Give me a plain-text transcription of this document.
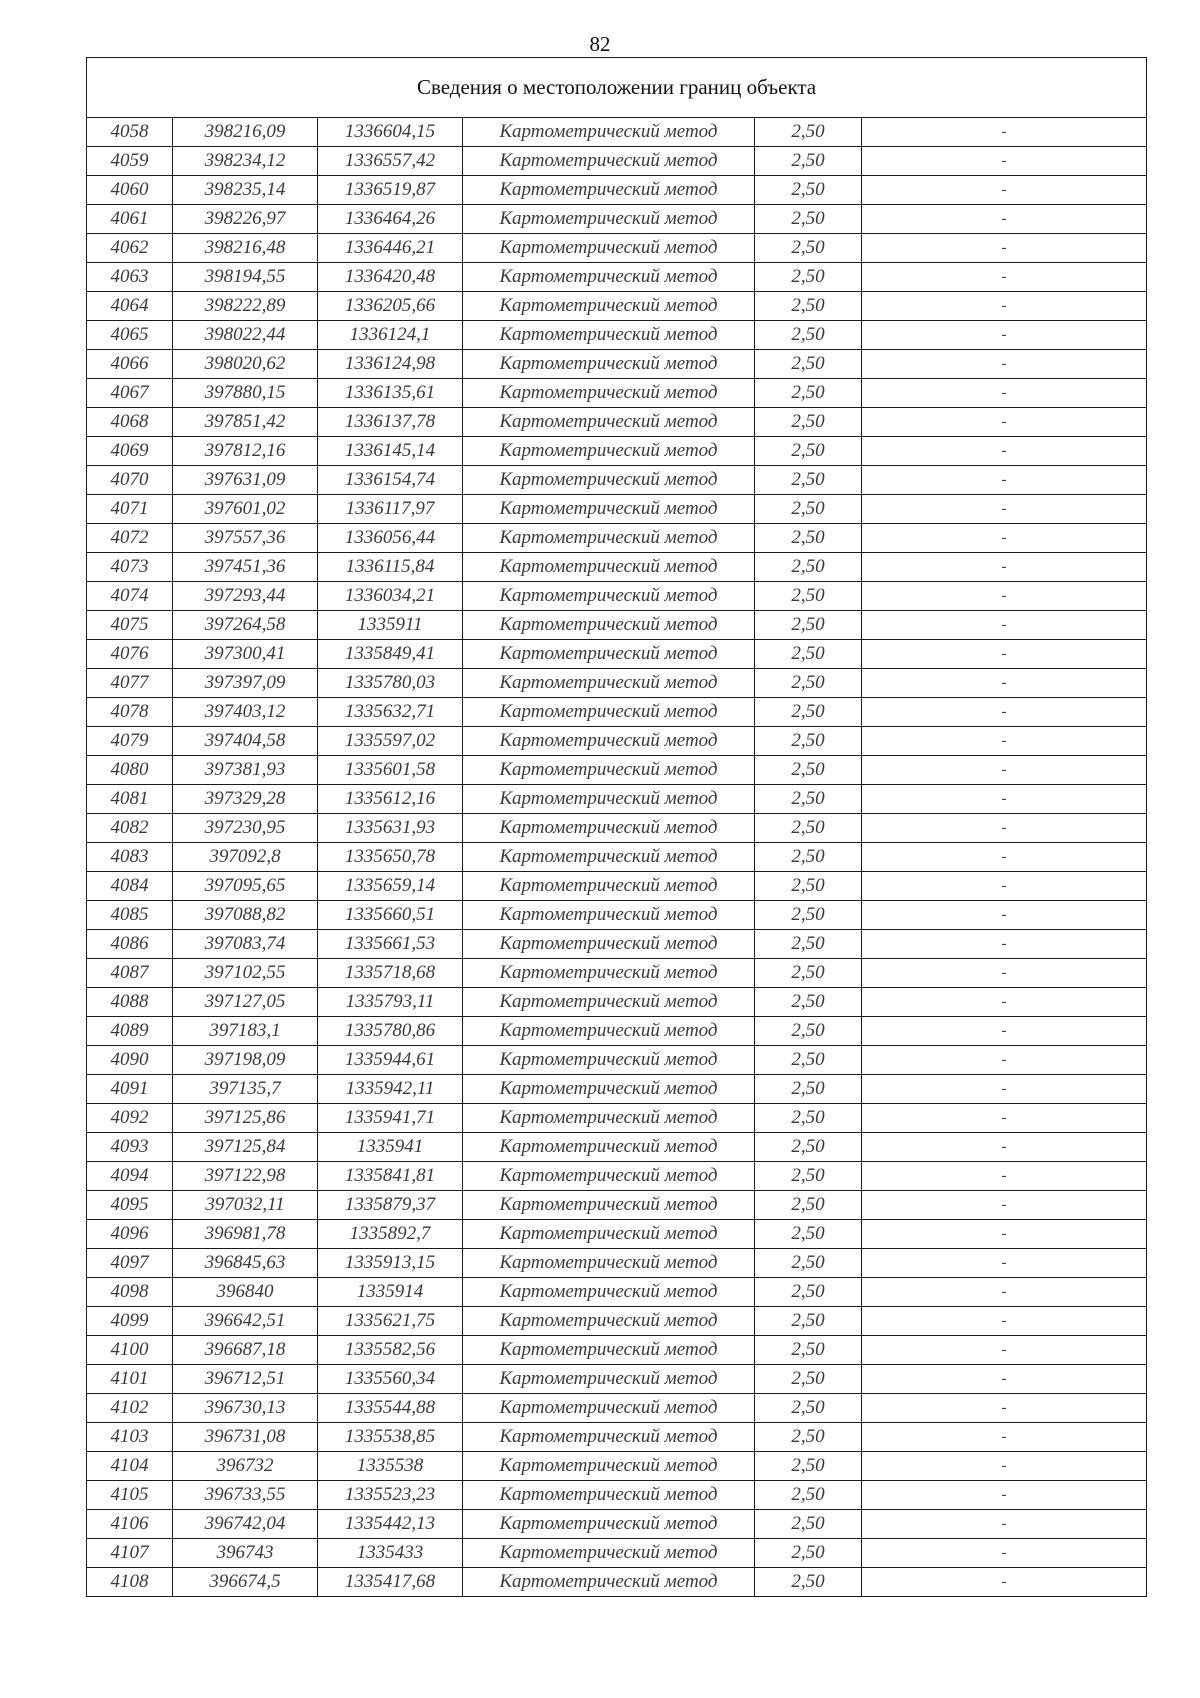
82
Сведения о местоположении границ объекта					
4058	398216,09	1336604,15	Картометрический метод	2,50	-
4059	398234,12	1336557,42	Картометрический метод	2,50	-
4060	398235,14	1336519,87	Картометрический метод	2,50	-
4061	398226,97	1336464,26	Картометрический метод	2,50	-
4062	398216,48	1336446,21	Картометрический метод	2,50	-
4063	398194,55	1336420,48	Картометрический метод	2,50	-
4064	398222,89	1336205,66	Картометрический метод	2,50	-
4065	398022,44	1336124,1	Картометрический метод	2,50	-
4066	398020,62	1336124,98	Картометрический метод	2,50	-
4067	397880,15	1336135,61	Картометрический метод	2,50	-
4068	397851,42	1336137,78	Картометрический метод	2,50	-
4069	397812,16	1336145,14	Картометрический метод	2,50	-
4070	397631,09	1336154,74	Картометрический метод	2,50	-
4071	397601,02	1336117,97	Картометрический метод	2,50	-
4072	397557,36	1336056,44	Картометрический метод	2,50	-
4073	397451,36	1336115,84	Картометрический метод	2,50	-
4074	397293,44	1336034,21	Картометрический метод	2,50	-
4075	397264,58	1335911	Картометрический метод	2,50	-
4076	397300,41	1335849,41	Картометрический метод	2,50	-
4077	397397,09	1335780,03	Картометрический метод	2,50	-
4078	397403,12	1335632,71	Картометрический метод	2,50	-
4079	397404,58	1335597,02	Картометрический метод	2,50	-
4080	397381,93	1335601,58	Картометрический метод	2,50	-
4081	397329,28	1335612,16	Картометрический метод	2,50	-
4082	397230,95	1335631,93	Картометрический метод	2,50	-
4083	397092,8	1335650,78	Картометрический метод	2,50	-
4084	397095,65	1335659,14	Картометрический метод	2,50	-
4085	397088,82	1335660,51	Картометрический метод	2,50	-
4086	397083,74	1335661,53	Картометрический метод	2,50	-
4087	397102,55	1335718,68	Картометрический метод	2,50	-
4088	397127,05	1335793,11	Картометрический метод	2,50	-
4089	397183,1	1335780,86	Картометрический метод	2,50	-
4090	397198,09	1335944,61	Картометрический метод	2,50	-
4091	397135,7	1335942,11	Картометрический метод	2,50	-
4092	397125,86	1335941,71	Картометрический метод	2,50	-
4093	397125,84	1335941	Картометрический метод	2,50	-
4094	397122,98	1335841,81	Картометрический метод	2,50	-
4095	397032,11	1335879,37	Картометрический метод	2,50	-
4096	396981,78	1335892,7	Картометрический метод	2,50	-
4097	396845,63	1335913,15	Картометрический метод	2,50	-
4098	396840	1335914	Картометрический метод	2,50	-
4099	396642,51	1335621,75	Картометрический метод	2,50	-
4100	396687,18	1335582,56	Картометрический метод	2,50	-
4101	396712,51	1335560,34	Картометрический метод	2,50	-
4102	396730,13	1335544,88	Картометрический метод	2,50	-
4103	396731,08	1335538,85	Картометрический метод	2,50	-
4104	396732	1335538	Картометрический метод	2,50	-
4105	396733,55	1335523,23	Картометрический метод	2,50	-
4106	396742,04	1335442,13	Картометрический метод	2,50	-
4107	396743	1335433	Картометрический метод	2,50	-
4108	396674,5	1335417,68	Картометрический метод	2,50	-
